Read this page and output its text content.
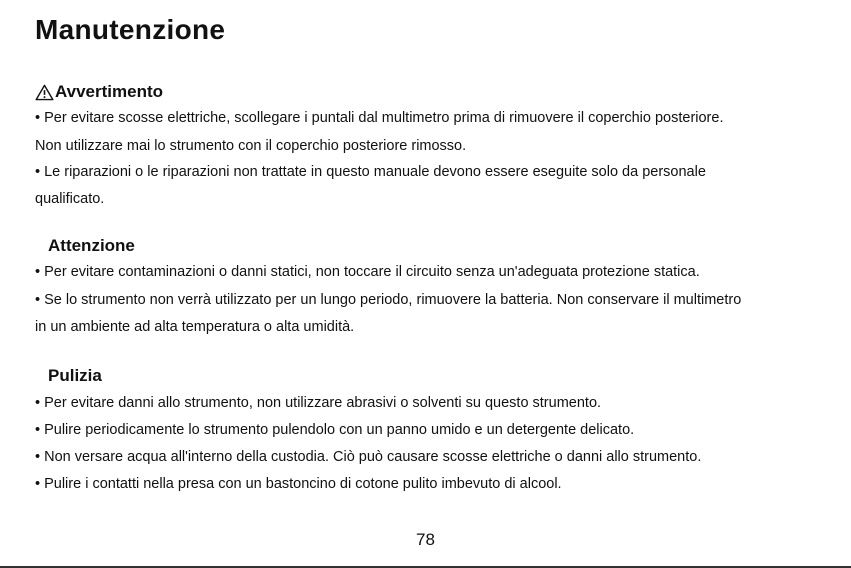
Manutenzione
Avvertimento

• Per evitare scosse elettriche, scollegare i puntali dal multimetro prima di rimuovere il coperchio posteriore.

Non utilizzare mai lo strumento con il coperchio posteriore rimosso.

• Le riparazioni o le riparazioni non trattate in questo manuale devono essere eseguite solo da personale

qualificato.

Attenzione

• Per evitare contaminazioni o danni statici, non toccare il circuito senza un'adeguata protezione statica.

• Se lo strumento non verrà utilizzato per un lungo periodo, rimuovere la batteria. Non conservare il multimetro

in un ambiente ad alta temperatura o alta umidità.

Pulizia

• Per evitare danni allo strumento, non utilizzare abrasivi o solventi su questo strumento.

• Pulire periodicamente lo strumento pulendolo con un panno umido e un detergente delicato.

• Non versare acqua all'interno della custodia. Ciò può causare scosse elettriche o danni allo strumento.

• Pulire i contatti nella presa con un bastoncino di cotone pulito imbevuto di alcool.

78
